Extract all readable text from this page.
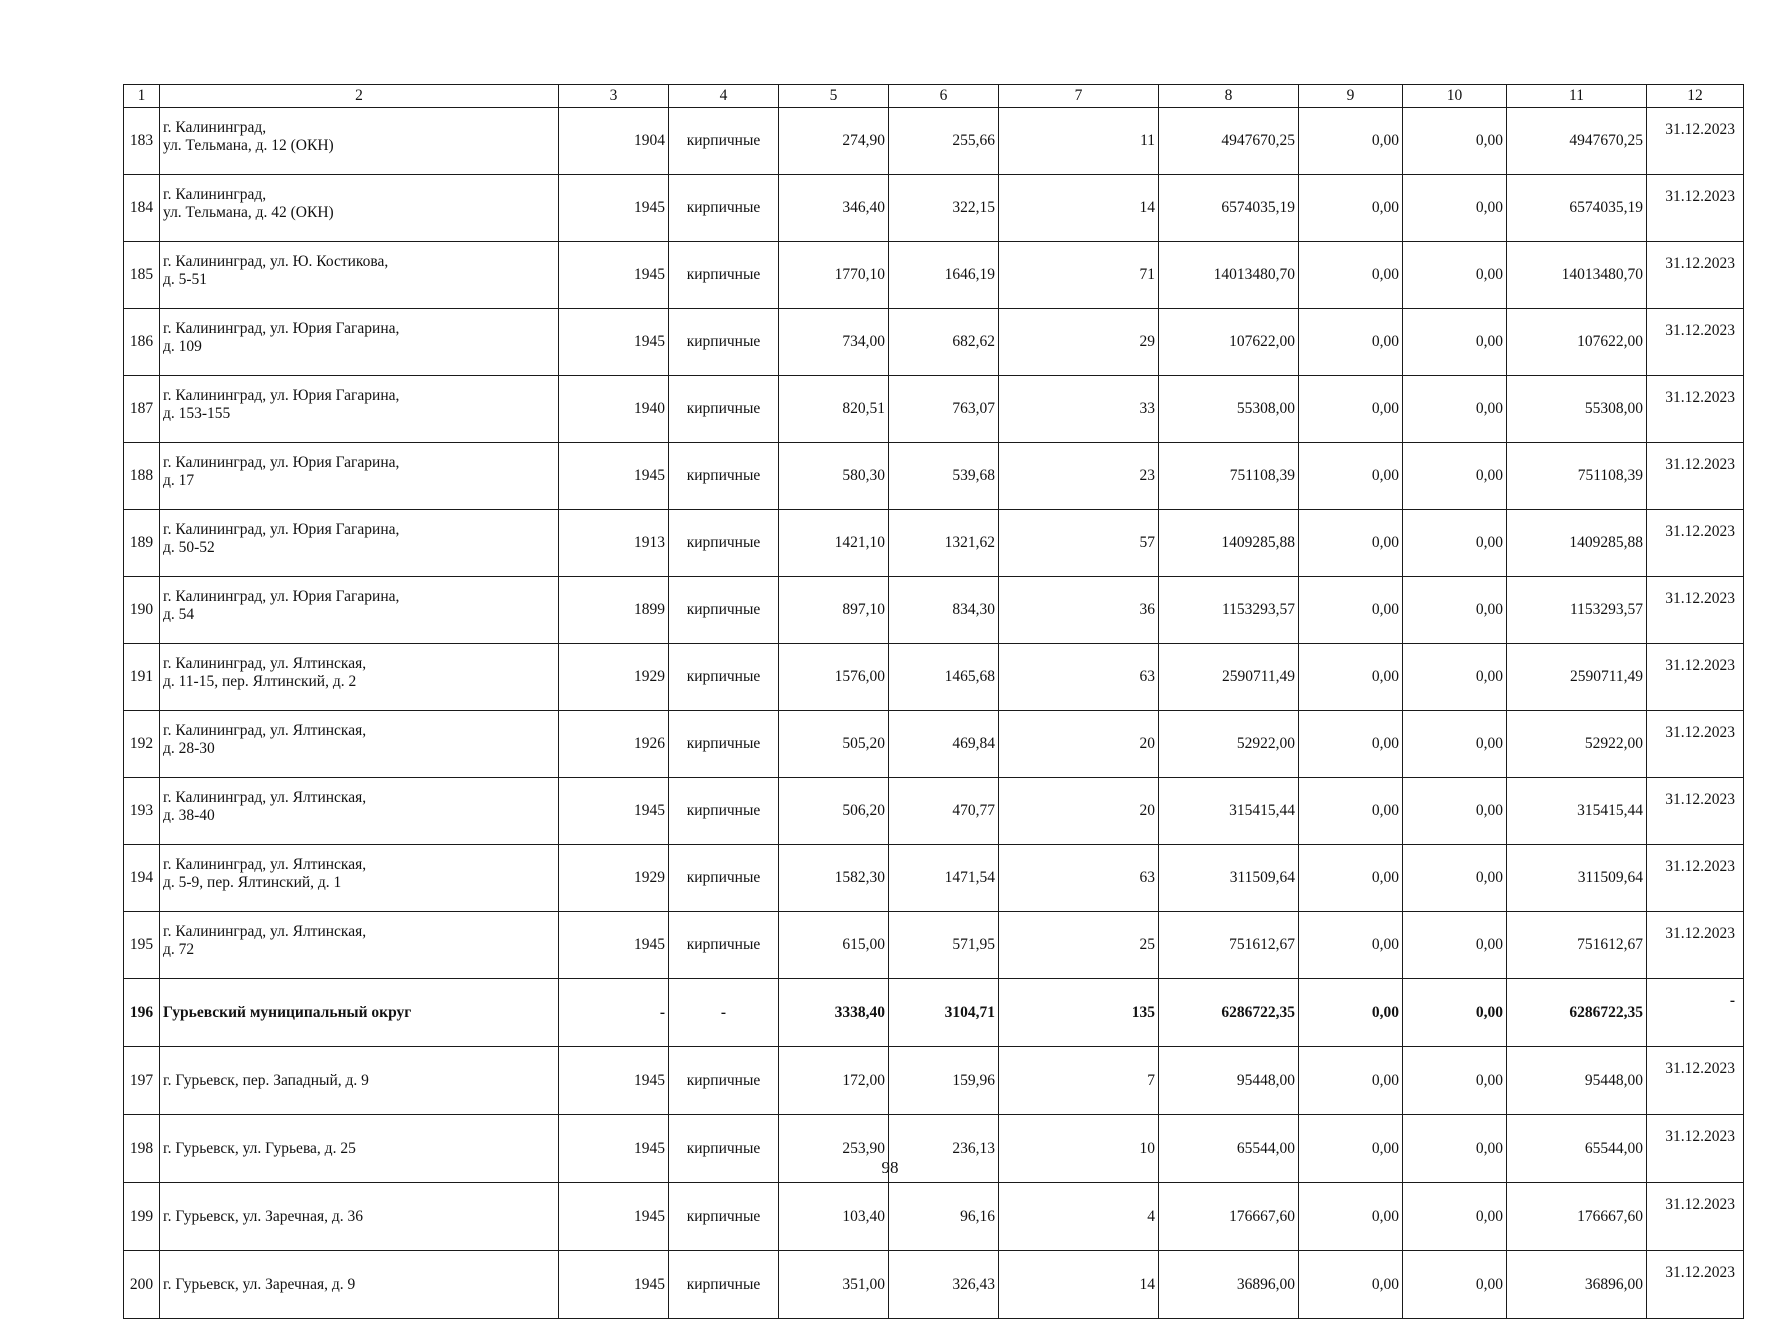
1	2	3	4	5	6	7	8	9	10	11	12
183	г. Калининград,
ул. Тельмана, д. 12 (ОКН)	1904	кирпичные	274,90	255,66	11	4947670,25	0,00	0,00	4947670,25	31.12.2023
184	г. Калининград,
ул. Тельмана, д. 42 (ОКН)	1945	кирпичные	346,40	322,15	14	6574035,19	0,00	0,00	6574035,19	31.12.2023
185	г. Калининград, ул. Ю. Костикова,
д. 5-51	1945	кирпичные	1770,10	1646,19	71	14013480,70	0,00	0,00	14013480,70	31.12.2023
186	г. Калининград, ул. Юрия Гагарина,
д. 109	1945	кирпичные	734,00	682,62	29	107622,00	0,00	0,00	107622,00	31.12.2023
187	г. Калининград, ул. Юрия Гагарина,
д. 153-155	1940	кирпичные	820,51	763,07	33	55308,00	0,00	0,00	55308,00	31.12.2023
188	г. Калининград, ул. Юрия Гагарина,
д. 17	1945	кирпичные	580,30	539,68	23	751108,39	0,00	0,00	751108,39	31.12.2023
189	г. Калининград, ул. Юрия Гагарина,
д. 50-52	1913	кирпичные	1421,10	1321,62	57	1409285,88	0,00	0,00	1409285,88	31.12.2023
190	г. Калининград, ул. Юрия Гагарина,
д. 54	1899	кирпичные	897,10	834,30	36	1153293,57	0,00	0,00	1153293,57	31.12.2023
191	г. Калининград, ул. Ялтинская,
д. 11-15, пер. Ялтинский, д. 2	1929	кирпичные	1576,00	1465,68	63	2590711,49	0,00	0,00	2590711,49	31.12.2023
192	г. Калининград, ул. Ялтинская,
д. 28-30	1926	кирпичные	505,20	469,84	20	52922,00	0,00	0,00	52922,00	31.12.2023
193	г. Калининград, ул. Ялтинская,
д. 38-40	1945	кирпичные	506,20	470,77	20	315415,44	0,00	0,00	315415,44	31.12.2023
194	г. Калининград, ул. Ялтинская,
д. 5-9, пер. Ялтинский, д. 1	1929	кирпичные	1582,30	1471,54	63	311509,64	0,00	0,00	311509,64	31.12.2023
195	г. Калининград, ул. Ялтинская,
д. 72	1945	кирпичные	615,00	571,95	25	751612,67	0,00	0,00	751612,67	31.12.2023
196	Гурьевский муниципальный округ	-	-	3338,40	3104,71	135	6286722,35	0,00	0,00	6286722,35	-
197	г. Гурьевск, пер. Западный, д. 9	1945	кирпичные	172,00	159,96	7	95448,00	0,00	0,00	95448,00	31.12.2023
198	г. Гурьевск, ул. Гурьева, д. 25	1945	кирпичные	253,90	236,13	10	65544,00	0,00	0,00	65544,00	31.12.2023
199	г. Гурьевск, ул. Заречная, д. 36	1945	кирпичные	103,40	96,16	4	176667,60	0,00	0,00	176667,60	31.12.2023
200	г. Гурьевск, ул. Заречная, д. 9	1945	кирпичные	351,00	326,43	14	36896,00	0,00	0,00	36896,00	31.12.2023
98
